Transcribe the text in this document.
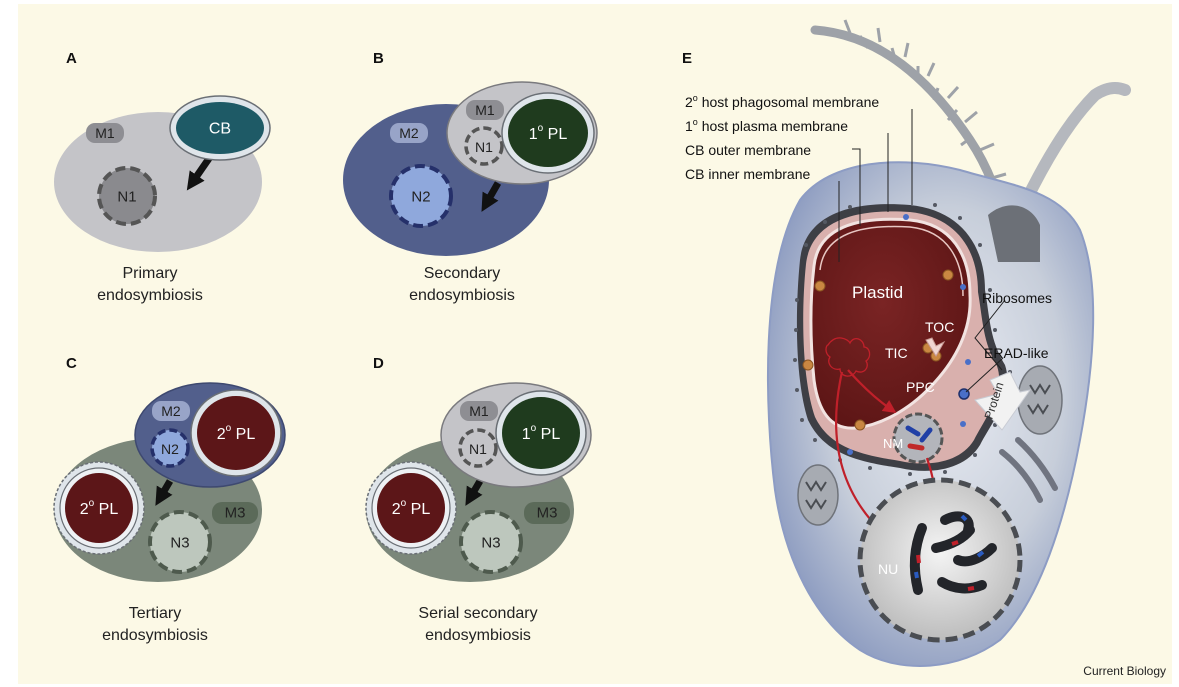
A
M1
N1
CB
Primary
endosymbiosis
B
M2
N2
M1
N1
1$^o$ PL
Secondary
endosymbiosis
C
M3
N3
2$^o$ PL
M2
N2
2$^o$ PL
Tertiary
endosymbiosis
D
M3
N3
2$^o$ PL
M1
N1
1$^o$ PL
Serial secondary
endosymbiosis
E
Protein
2$^o$ host phagosomal membrane
1$^o$ host plasma membrane
CB outer membrane
CB inner membrane
Plastid	Ribosomes
TOC
TIC	ERAD-like
PPC
NM
NU
Current Biology
